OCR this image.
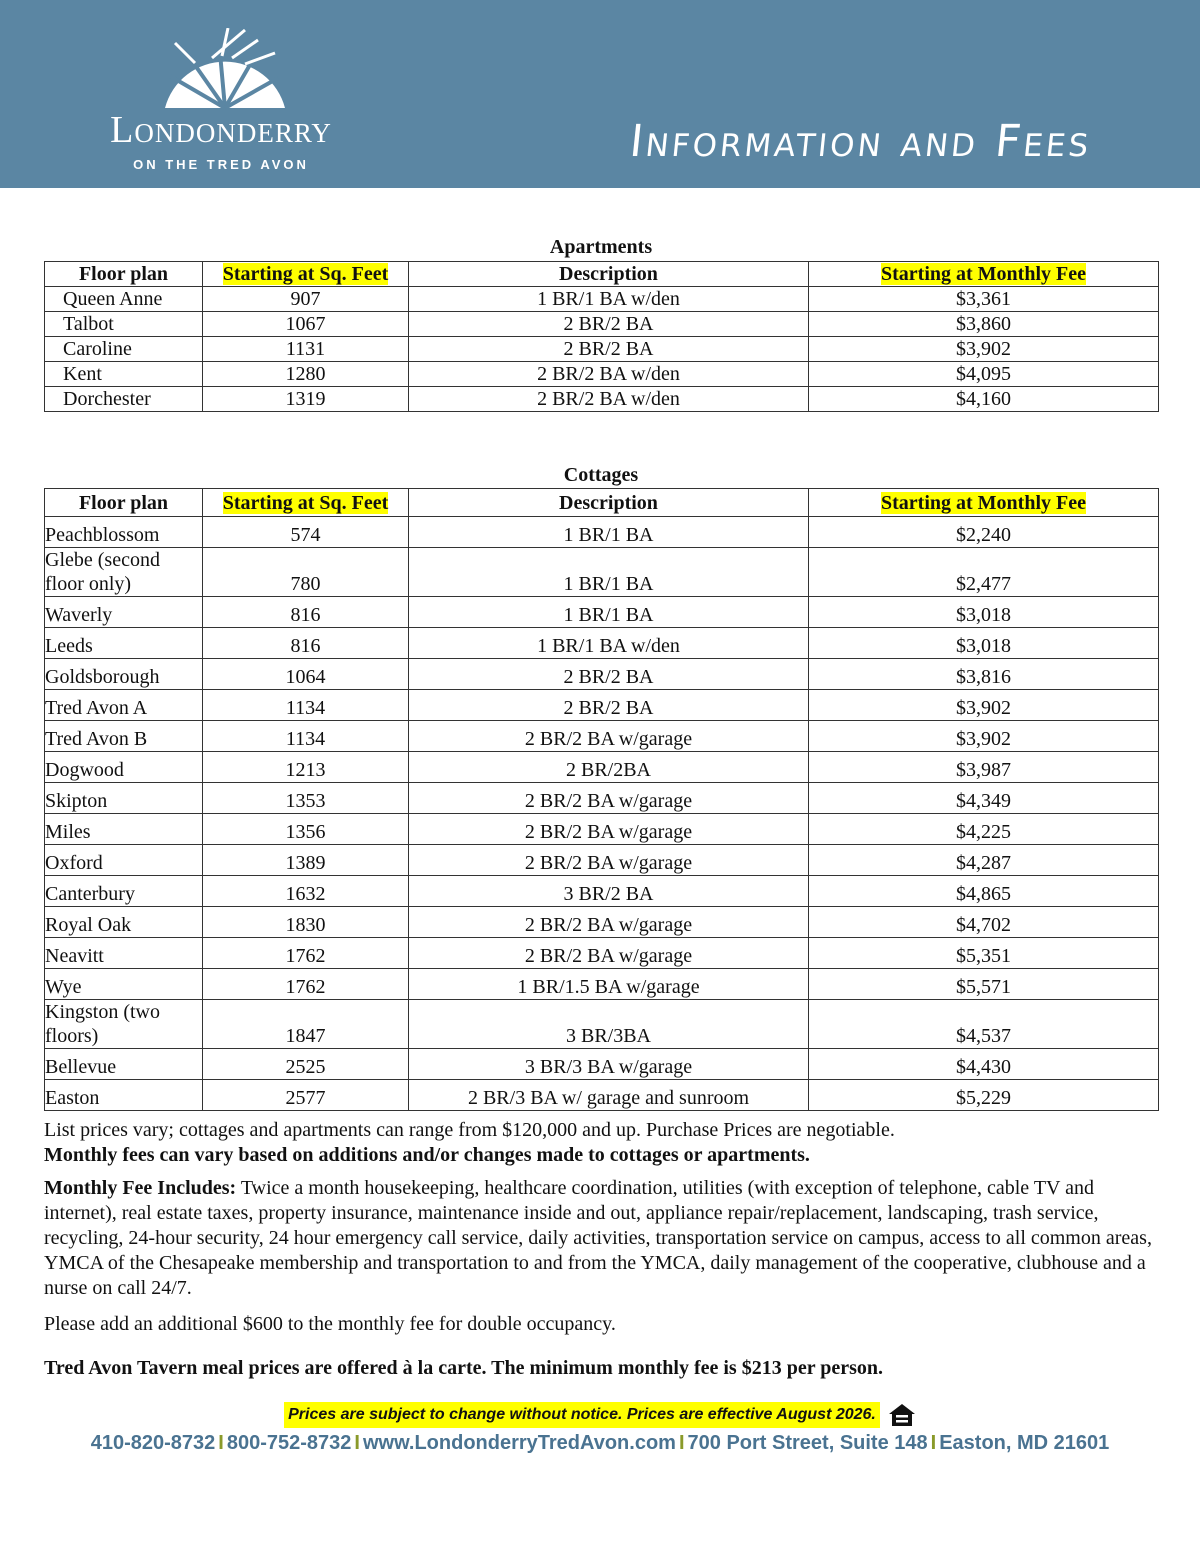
Londonderry
ON THE TRED AVON	Information and Fees
Apartments
Floor plan	Starting at Sq. Feet	Description	Starting at Monthly Fee
Queen Anne	907	1 BR/1 BA w/den	$3,361
Talbot	1067	2 BR/2 BA	$3,860
Caroline	1131	2 BR/2 BA	$3,902
Kent	1280	2 BR/2 BA w/den	$4,095
Dorchester	1319	2 BR/2 BA w/den	$4,160
Cottages
Floor plan	Starting at Sq. Feet	Description	Starting at Monthly Fee
Peachblossom	574	1 BR/1 BA	$2,240
Glebe (second floor only)	780	1 BR/1 BA	$2,477
Waverly	816	1 BR/1 BA	$3,018
Leeds	816	1 BR/1 BA w/den	$3,018
Goldsborough	1064	2 BR/2 BA	$3,816
Tred Avon A	1134	2 BR/2 BA	$3,902
Tred Avon B	1134	2 BR/2 BA w/garage	$3,902
Dogwood	1213	2 BR/2BA	$3,987
Skipton	1353	2 BR/2 BA w/garage	$4,349
Miles	1356	2 BR/2 BA w/garage	$4,225
Oxford	1389	2 BR/2 BA w/garage	$4,287
Canterbury	1632	3 BR/2 BA	$4,865
Royal Oak	1830	2 BR/2 BA w/garage	$4,702
Neavitt	1762	2 BR/2 BA w/garage	$5,351
Wye	1762	1 BR/1.5 BA w/garage	$5,571
Kingston (two floors)	1847	3 BR/3BA	$4,537
Bellevue	2525	3 BR/3 BA w/garage	$4,430
Easton	2577	2 BR/3 BA w/ garage and sunroom	$5,229
List prices vary; cottages and apartments can range from $120,000 and up. Purchase Prices are negotiable.
Monthly fees can vary based on additions and/or changes made to cottages or apartments.
Monthly Fee Includes: Twice a month housekeeping, healthcare coordination, utilities (with exception of telephone, cable TV and internet), real estate taxes, property insurance, maintenance inside and out, appliance repair/replacement, landscaping, trash service, recycling, 24-hour security, 24 hour emergency call service, daily activities, transportation service on campus, access to all common areas, YMCA of the Chesapeake membership and transportation to and from the YMCA, daily management of the cooperative, clubhouse and a nurse on call 24/7.
Please add an additional $600 to the monthly fee for double occupancy.
Tred Avon Tavern meal prices are offered à la carte. The minimum monthly fee is $213 per person.
Prices are subject to change without notice. Prices are effective August 2026.
410-820-8732 I 800-752-8732 I www.LondonderryTredAvon.com I 700 Port Street, Suite 148 I Easton, MD 21601
